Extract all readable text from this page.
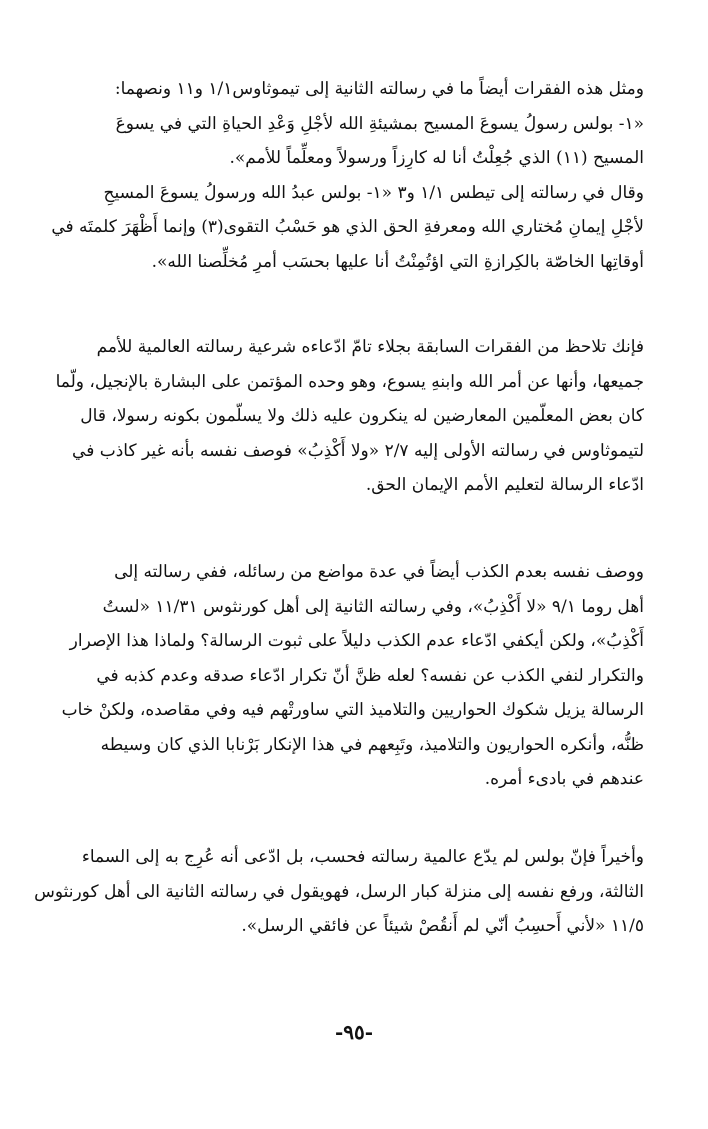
ومثل هذه الفقرات أيضاً ما في رسالته الثانية إلى تيموثاوس١/١ و١١ ونصهما:
«١- بولس رسولُ يسوعَ المسيح بمشيئةِ الله لأجْلِ وَعْدِ الحياةِ التي في يسوعَ
المسيح (١١) الذي جُعِلْتُ أنا له كارِزاً ورسولاً ومعلِّماً للأمم».
وقال في رسالته إلى تيطس ١/١ و٣ «١- بولس عبدُ الله ورسولُ يسوعَ المسيحِ
لأجْلِ إيمانِ مُختاري الله ومعرفةِ الحق الذي هو حَسْبُ التقوى(٣) وإنما أَظْهَرَ كلمتَه في
أوقاتِها الخاصّة بالكِرازةِ التي اؤتُمِنْتُ أنا عليها بحسَب أمرِ مُخلِّصنا الله».
فإنك تلاحظ من الفقرات السابقة بجلاء تامّ ادّعاءه شرعية رسالته العالمية للأمم
جميعها، وأنها عن أمر الله وابنهِ يسوع، وهو وحده المؤتمن على البشارة بالإنجيل، ولّما
كان بعض المعلّمين المعارضين له ينكرون عليه ذلك ولا يسلّمون بكونه رسولا، قال
لتيموثاوس في رسالته الأولى إليه ٢/٧ «ولا أَكْذِبُ» فوصف نفسه بأنه غير كاذب في
ادّعاء الرسالة لتعليم الأمم الإيمان الحق.
ووصف نفسه بعدم الكذب أيضاً في عدة مواضع من رسائله، ففي رسالته إلى
أهل روما ٩/١ «لا أَكْذِبُ»، وفي رسالته الثانية إلى أهل كورنثوس ١١/٣١ «لستُ
أَكْذِبُ»، ولكن أيكفي ادّعاء عدم الكذب دليلاً على ثبوت الرسالة؟ ولماذا هذا الإصرار
والتكرار لنفي الكذب عن نفسه؟ لعله ظنَّ أنّ تكرار ادّعاء صدقه وعدم كذبه في
الرسالة يزيل شكوك الحواريين والتلاميذ التي ساورتْهم فيه وفي مقاصده، ولكنْ خاب
ظنُّه، وأنكره الحواريون والتلاميذ، وتَبِعهم في هذا الإنكار بَرْنابا الذي كان وسيطه
عندهم في بادىء أمره.
وأخيراً فإنّ بولس لم يدّع عالمية رسالته فحسب، بل ادّعى أنه عُرِج به إلى السماء
الثالثة، ورفع نفسه إلى منزلة كبار الرسل، فهويقول في رسالته الثانية الى أهل كورنثوس
١١/٥ «لأني أَحسِبُ أنّي لم أَنقُصْ شيئاً عن فائقي الرسل».
-٩٥-
